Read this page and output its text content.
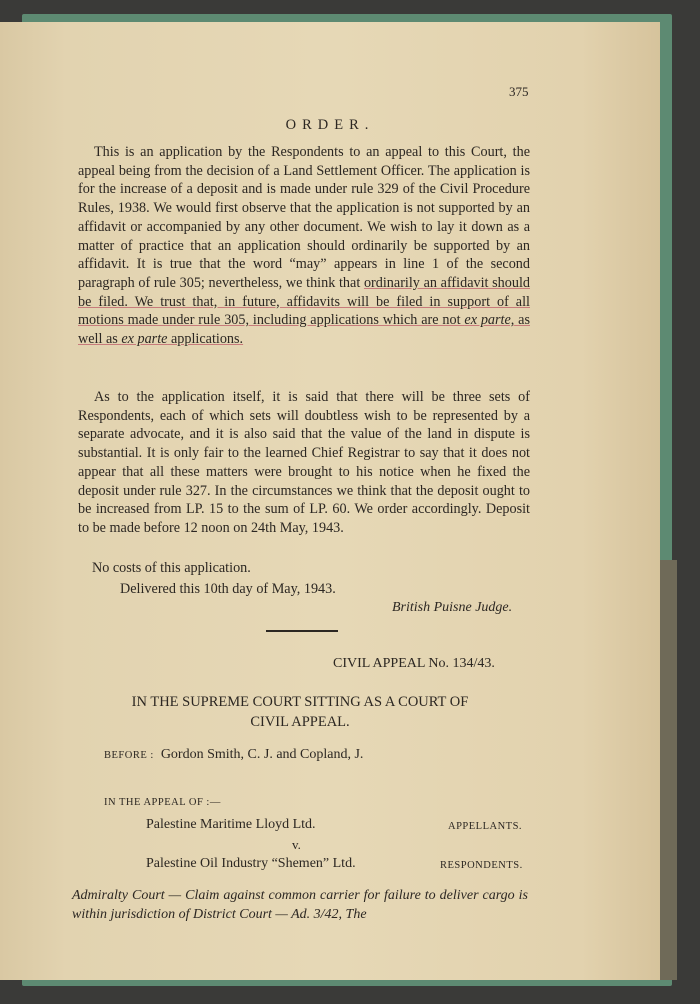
375
ORDER.
This is an application by the Respondents to an appeal to this Court, the appeal being from the decision of a Land Settlement Officer. The application is for the increase of a deposit and is made under rule 329 of the Civil Procedure Rules, 1938. We would first observe that the application is not supported by an affidavit or accompanied by any other document. We wish to lay it down as a matter of practice that an application should ordinarily be supported by an affidavit. It is true that the word “may” appears in line 1 of the second paragraph of rule 305; nevertheless, we think that ordinarily an affidavit should be filed. We trust that, in future, affidavits will be filed in support of all motions made under rule 305, including applications which are not ex parte, as well as ex parte applications.
As to the application itself, it is said that there will be three sets of Respondents, each of which sets will doubtless wish to be represented by a separate advocate, and it is also said that the value of the land in dispute is substantial. It is only fair to the learned Chief Registrar to say that it does not appear that all these matters were brought to his notice when he fixed the deposit under rule 327. In the circumstances we think that the deposit ought to be increased from LP. 15 to the sum of LP. 60. We order accordingly. Deposit to be made before 12 noon on 24th May, 1943.
No costs of this application.
Delivered this 10th day of May, 1943.
British Puisne Judge.
CIVIL APPEAL No. 134/43.
IN THE SUPREME COURT SITTING AS A COURT OF
CIVIL APPEAL.
BEFORE : Gordon Smith, C. J. and Copland, J.
IN THE APPEAL OF :—
Palestine Maritime Lloyd Ltd.	APPELLANTS.
v.
Palestine Oil Industry “Shemen” Ltd.	RESPONDENTS.
Admiralty Court — Claim against common carrier for failure to deliver cargo is within jurisdiction of District Court — Ad. 3/42, The
